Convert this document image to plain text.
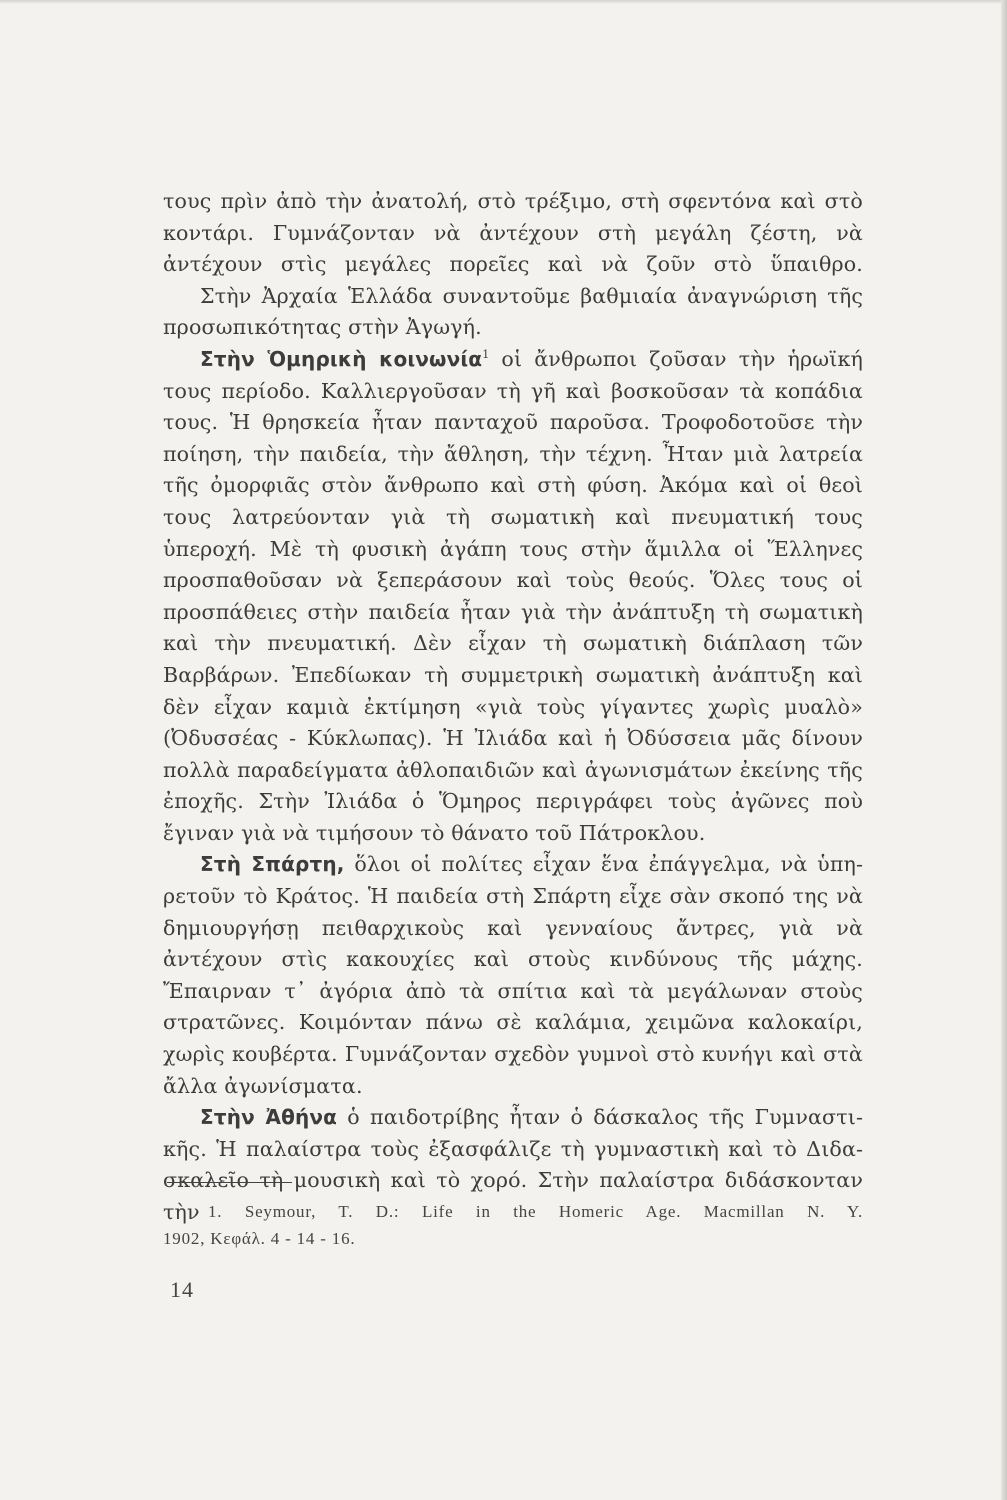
τους πρὶν ἀπὸ τὴν ἀνατολή, στὸ τρέξιμο, στὴ σφεντόνα καὶ στὸ κοντάρι. Γυμνάζονταν νὰ ἀντέχουν στὴ μεγάλη ζέστη, νὰ ἀντέχουν στὶς μεγάλες πορεῖες καὶ νὰ ζοῦν στὸ ὕπαιθρο.

Στὴν Ἀρχαία Ἑλλάδα συναντοῦμε βαθμιαία ἀναγνώριση τῆς προσωπικότητας στὴν Ἀγωγή.

Στὴν Ὁμηρικὴ κοινωνία$^1$ οἱ ἄνθρωποι ζοῦσαν τὴν ἡρωϊκή τους περίοδο. Καλλιεργοῦσαν τὴ γῆ καὶ βοσκοῦσαν τὰ κοπάδια τους. Ἡ θρησκεία ἦταν πανταχοῦ παροῦσα. Τροφοδοτοῦσε τὴν ποίηση, τὴν παιδεία, τὴν ἄθληση, τὴν τέχνη. Ἦταν μιὰ λατρεία τῆς ὀμορφιᾶς στὸν ἄνθρωπο καὶ στὴ φύση. Ἀκόμα καὶ οἱ θεοὶ τους λατρεύονταν γιὰ τὴ σωματικὴ καὶ πνευματική τους ὑπεροχή. Μὲ τὴ φυσικὴ ἀγάπη τους στὴν ἅμιλλα οἱ Ἕλληνες προσπαθοῦσαν νὰ ξεπεράσουν καὶ τοὺς θεούς. Ὅλες τους οἱ προσπάθειες στὴν παιδεία ἦταν γιὰ τὴν ἀνάπτυξη τὴ σωματικὴ καὶ τὴν πνευματική. Δὲν εἶχαν τὴ σωματικὴ διάπλαση τῶν Βαρβάρων. Ἐπεδίωκαν τὴ συμμετρικὴ σωματικὴ ἀνάπτυξη καὶ δὲν εἶχαν καμιὰ ἐκτίμηση «γιὰ τοὺς γίγαντες χωρὶς μυαλὸ» (Ὀδυσσέας - Κύκλωπας). Ἡ Ἰλιάδα καὶ ἡ Ὀδύσσεια μᾶς δίνουν πολλὰ παραδείγματα ἀθλοπαιδιῶν καὶ ἀγωνισμάτων ἐκείνης τῆς ἐποχῆς. Στὴν Ἰλιάδα ὁ Ὅμηρος περιγράφει τοὺς ἀγῶνες ποὺ ἔγιναν γιὰ νὰ τιμήσουν τὸ θάνατο τοῦ Πάτροκλου.

Στὴ Σπάρτη, ὅλοι οἱ πολίτες εἶχαν ἕνα ἐπάγγελμα, νὰ ὑπηρετοῦν τὸ Κράτος. Ἡ παιδεία στὴ Σπάρτη εἶχε σὰν σκοπό της νὰ δημιουργήσῃ πειθαρχικοὺς καὶ γενναίους ἄντρες, γιὰ νὰ ἀντέχουν στὶς κακουχίες καὶ στοὺς κινδύνους τῆς μάχης. Ἔπαιρναν τ᾽ ἀγόρια ἀπὸ τὰ σπίτια καὶ τὰ μεγάλωναν στοὺς στρατῶνες. Κοιμόνταν πάνω σὲ καλάμια, χειμῶνα καλοκαίρι, χωρὶς κουβέρτα. Γυμνάζονταν σχεδὸν γυμνοὶ στὸ κυνήγι καὶ στὰ ἄλλα ἀγωνίσματα.

Στὴν Ἀθήνα ὁ παιδοτρίβης ἦταν ὁ δάσκαλος τῆς Γυμναστικῆς. Ἡ παλαίστρα τοὺς ἐξασφάλιζε τὴ γυμναστικὴ καὶ τὸ Διδασκαλεῖο τὴ μουσικὴ καὶ τὸ χορό. Στὴν παλαίστρα διδάσκονταν τὴν 1. Seymour, T. D.: Life in the Homeric Age. Macmillan N. Y.

1902, Κεφάλ. 4 - 14 - 16.

14
